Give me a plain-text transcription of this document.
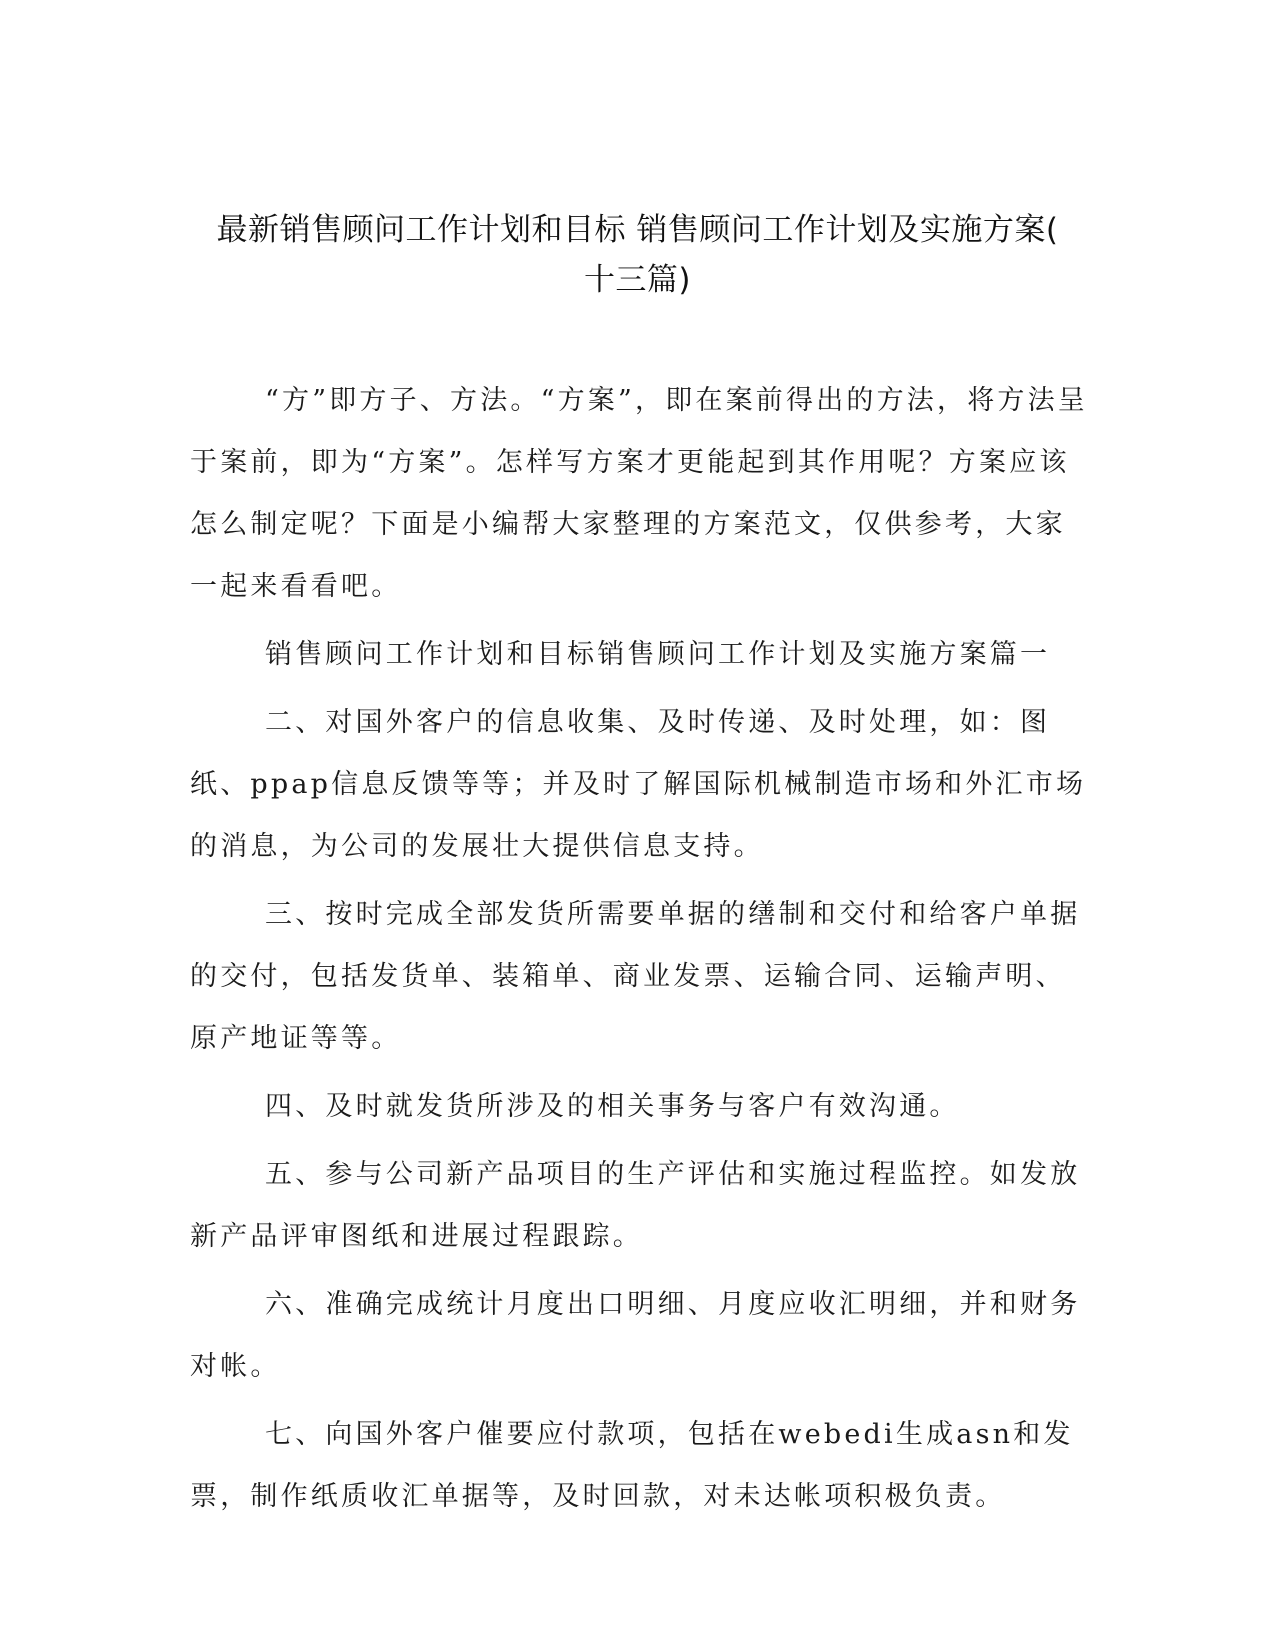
最新销售顾问工作计划和目标 销售顾问工作计划及实施方案(
十三篇)

“方”即方子、方法。“方案”，即在案前得出的方法，将方法呈于案前，即为“方案”。怎样写方案才更能起到其作用呢？方案应该怎么制定呢？下面是小编帮大家整理的方案范文，仅供参考，大家一起来看看吧。

销售顾问工作计划和目标销售顾问工作计划及实施方案篇一

二、对国外客户的信息收集、及时传递、及时处理，如：图纸、ppap信息反馈等等；并及时了解国际机械制造市场和外汇市场的消息，为公司的发展壮大提供信息支持。

三、按时完成全部发货所需要单据的缮制和交付和给客户单据的交付，包括发货单、装箱单、商业发票、运输合同、运输声明、原产地证等等。

四、及时就发货所涉及的相关事务与客户有效沟通。

五、参与公司新产品项目的生产评估和实施过程监控。如发放新产品评审图纸和进展过程跟踪。

六、准确完成统计月度出口明细、月度应收汇明细，并和财务对帐。

七、向国外客户催要应付款项，包括在webedi生成asn和发票，制作纸质收汇单据等，及时回款，对未达帐项积极负责。
